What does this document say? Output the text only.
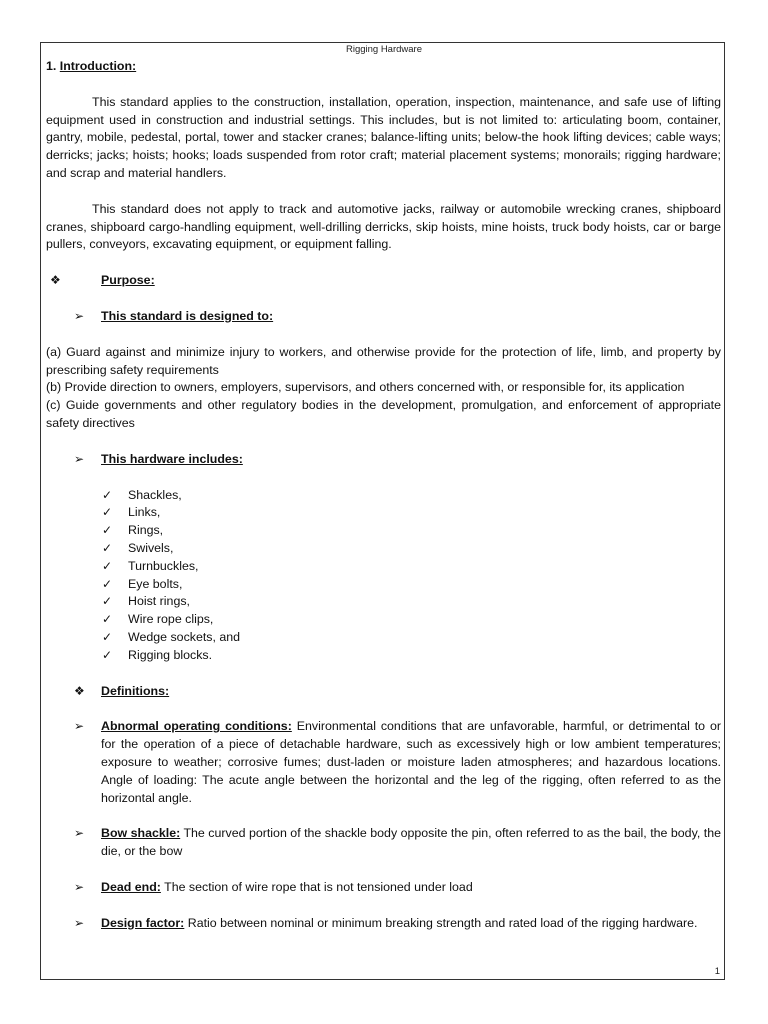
Rigging Hardware

1. Introduction:

This standard applies to the construction, installation, operation, inspection, maintenance, and safe use of lifting equipment used in construction and industrial settings. This includes, but is not limited to: articulating boom, container, gantry, mobile, pedestal, portal, tower and stacker cranes; balance-lifting units; below-the hook lifting devices; cable ways; derricks; jacks; hoists; hooks; loads suspended from rotor craft; material placement systems; monorails; rigging hardware; and scrap and material handlers.

This standard does not apply to track and automotive jacks, railway or automobile wrecking cranes, shipboard cranes, shipboard cargo-handling equipment, well-drilling derricks, skip hoists, mine hoists, truck body hoists, car or barge pullers, conveyors, excavating equipment, or equipment falling.

❖	Purpose:
➢ This standard is designed to:

(a) Guard against and minimize injury to workers, and otherwise provide for the protection of life, limb, and property by prescribing safety requirements

(b) Provide direction to owners, employers, supervisors, and others concerned with, or responsible for, its application

(c) Guide governments and other regulatory bodies in the development, promulgation, and enforcement of appropriate safety directives

➢ This hardware includes:
✓ Shackles,
✓ Links,
✓ Rings,
✓ Swivels,
✓ Turnbuckles,
✓ Eye bolts,
✓ Hoist rings,
✓ Wire rope clips,
✓ Wedge sockets, and
✓ Rigging blocks.
❖ Definitions:
➢	Abnormal operating conditions: Environmental conditions that are unfavorable, harmful, or detrimental to or for the operation of a piece of detachable hardware, such as excessively high or low ambient temperatures; exposure to weather; corrosive fumes; dust-laden or moisture laden atmospheres; and hazardous locations. Angle of loading: The acute angle between the horizontal and the leg of the rigging, often referred to as the horizontal angle.

➢	Bow shackle: The curved portion of the shackle body opposite the pin, often referred to as the bail, the body, the die, or the bow

➢	Dead end: The section of wire rope that is not tensioned under load

➢	Design factor: Ratio between nominal or minimum breaking strength and rated load of the rigging hardware.

1
